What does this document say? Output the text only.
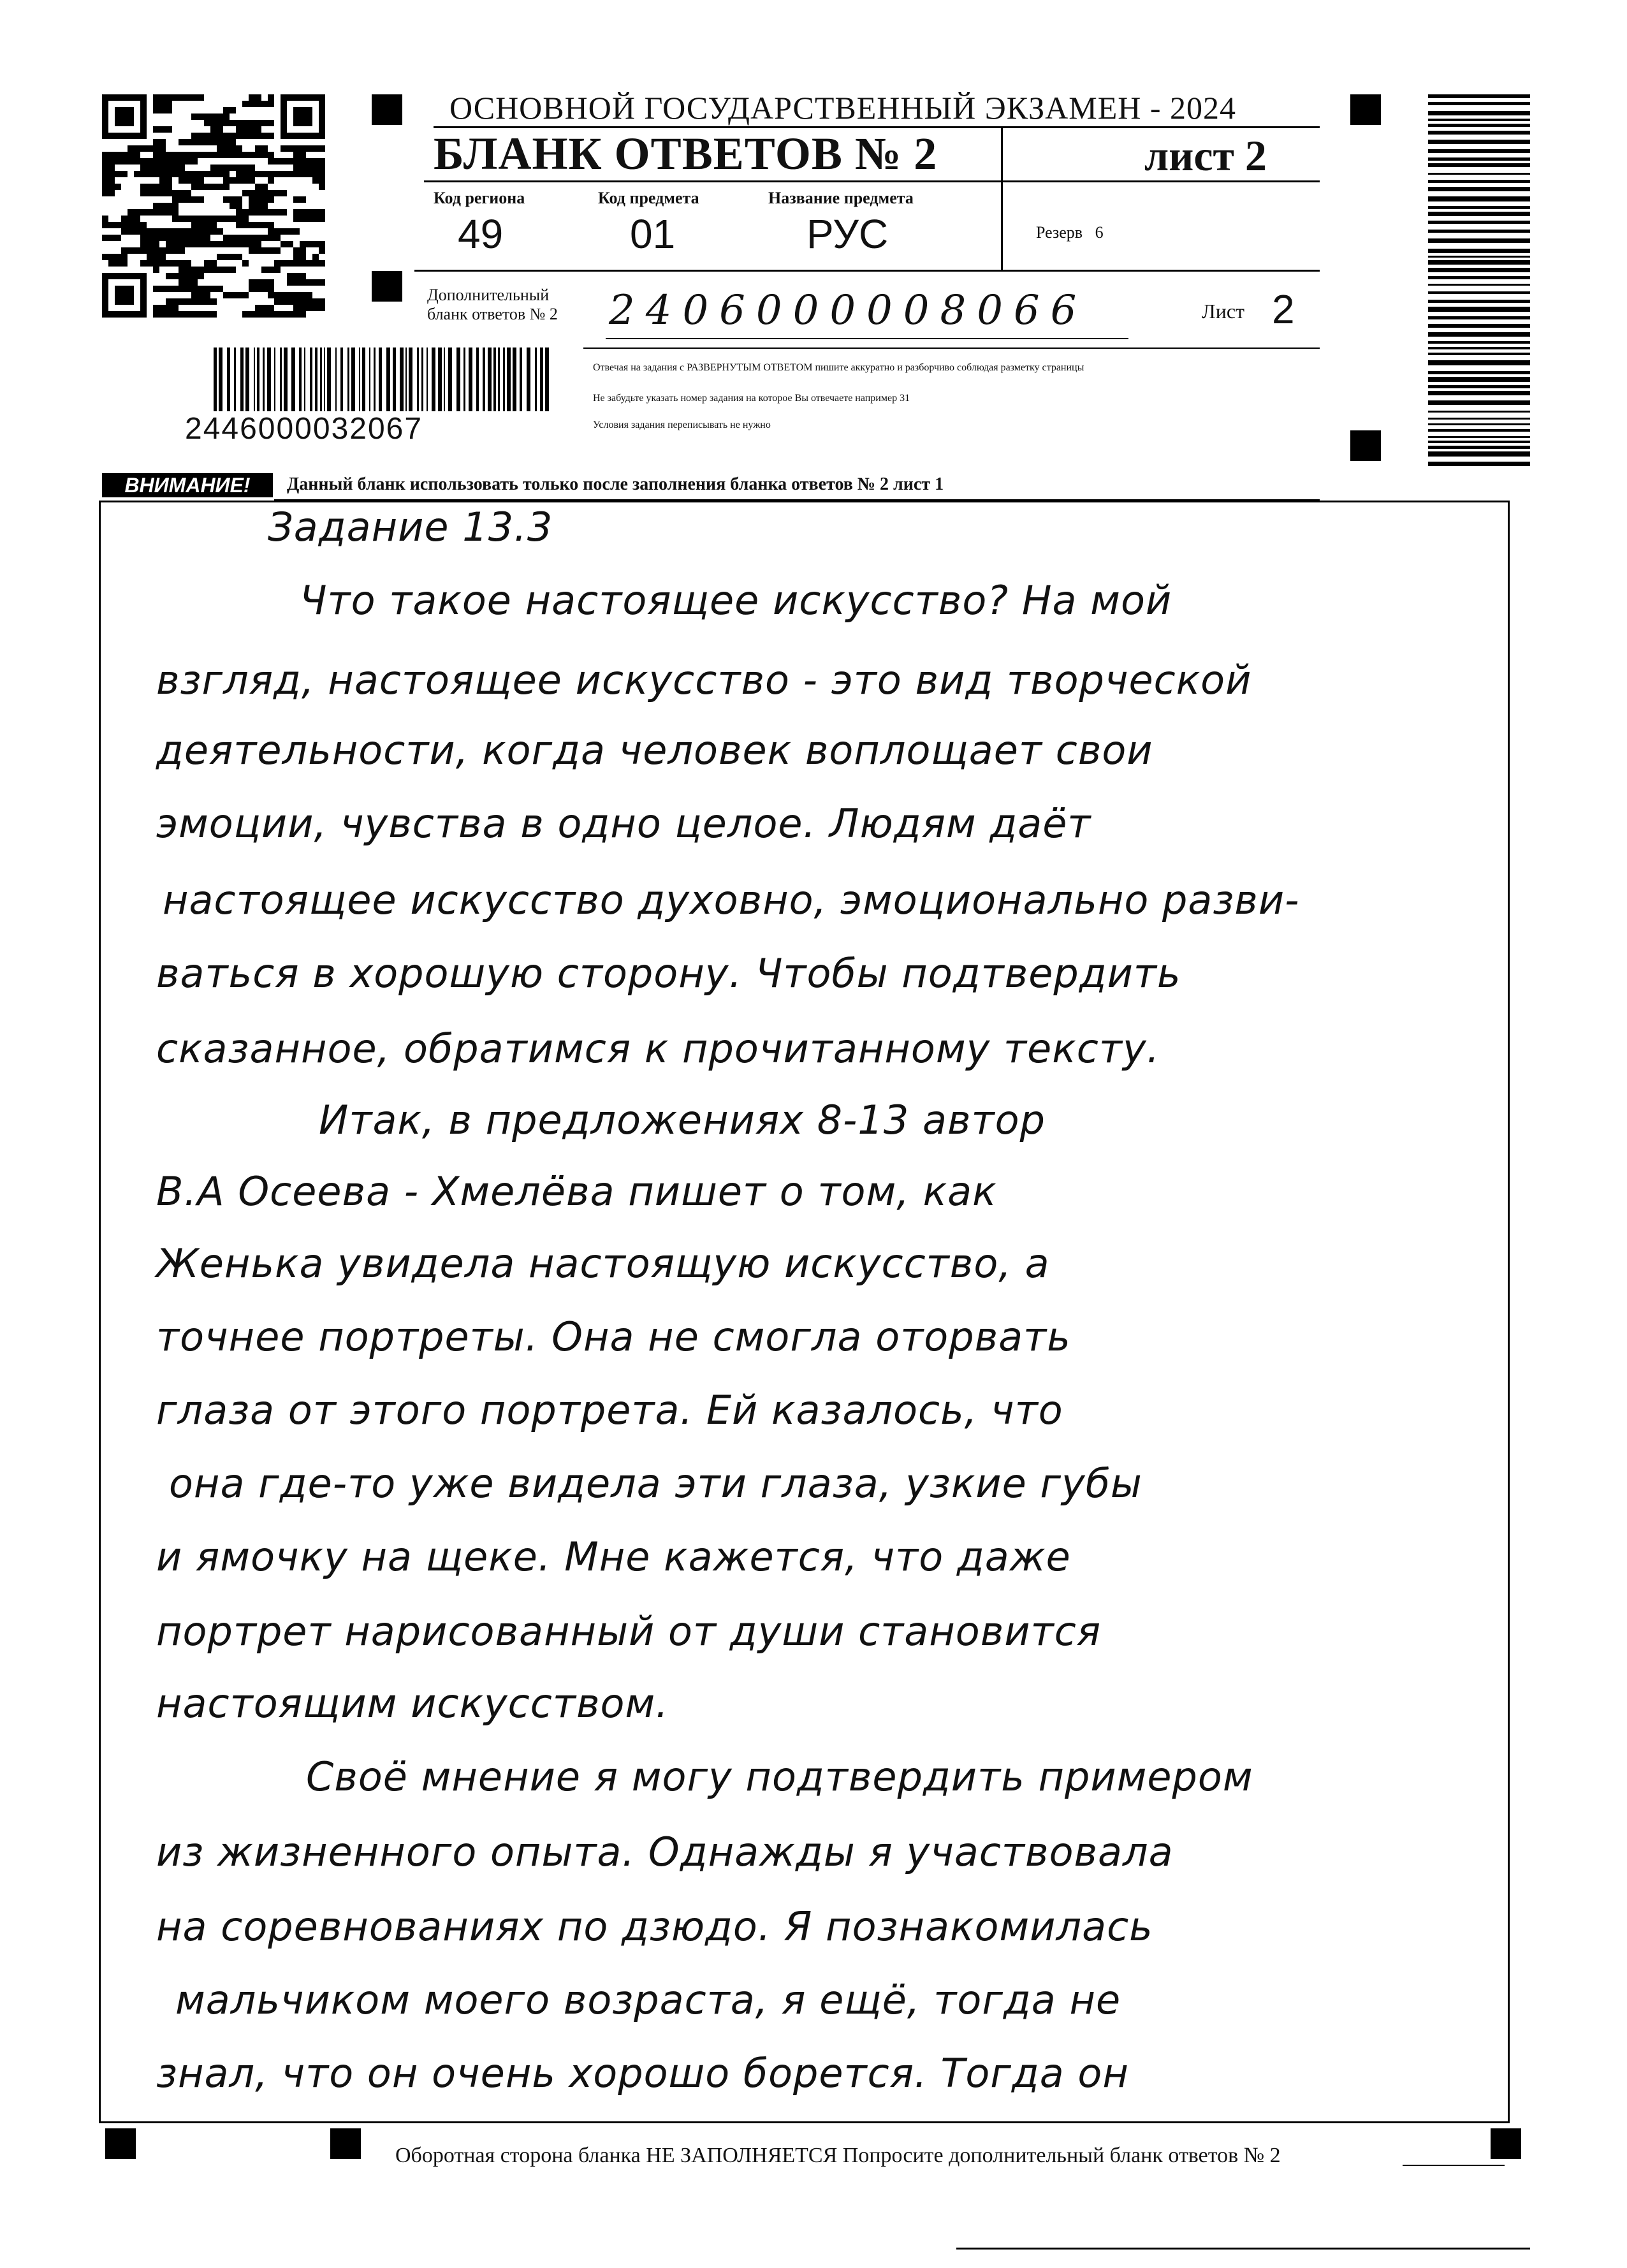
ОСНОВНОЙ ГОСУДАРСТВЕННЫЙ ЭКЗАМЕН - 2024
БЛАНК ОТВЕТОВ № 2	лист 2
Код региона
49
Код предмета
01
Название предмета
РУС	Резерв 6
Дополнительный
бланк ответов № 2 2406000008066	Лист 2
Отвечая на задания с РАЗВЕРНУТЫМ ОТВЕТОМ пишите аккуратно и разборчиво соблюдая разметку страницы
Не забудьте указать номер задания на которое Вы отвечаете например 31
Условия задания переписывать не нужно
2446000032067
ВНИМАНИЕ!	Данный бланк использовать только после заполнения бланка ответов № 2 лист 1
Задание 13.3
Что такое настоящее искусство? На мой
взгляд, настоящее искусство - это вид творческой
деятельности, когда человек воплощает свои
эмоции, чувства в одно целое. Людям даёт
настоящее искусство духовно, эмоционально разви-
ваться в хорошую сторону. Чтобы подтвердить
сказанное, обратимся к прочитанному тексту.
Итак, в предложениях 8-13 автор
В.А Осеева - Хмелёва пишет о том, как
Женька увидела настоящую искусство, а
точнее портреты. Она не смогла оторвать
глаза от этого портрета. Ей казалось, что
она где-то уже видела эти глаза, узкие губы
и ямочку на щеке. Мне кажется, что даже
портрет нарисованный от души становится
настоящим искусством.
Своё мнение я могу подтвердить примером
из жизненного опыта. Однажды я участвовала
на соревнованиях по дзюдо. Я познакомилась
мальчиком моего возраста, я ещё, тогда не
знал, что он очень хорошо борется. Тогда он
Оборотная сторона бланка НЕ ЗАПОЛНЯЕТСЯ Попросите дополнительный бланк ответов № 2
